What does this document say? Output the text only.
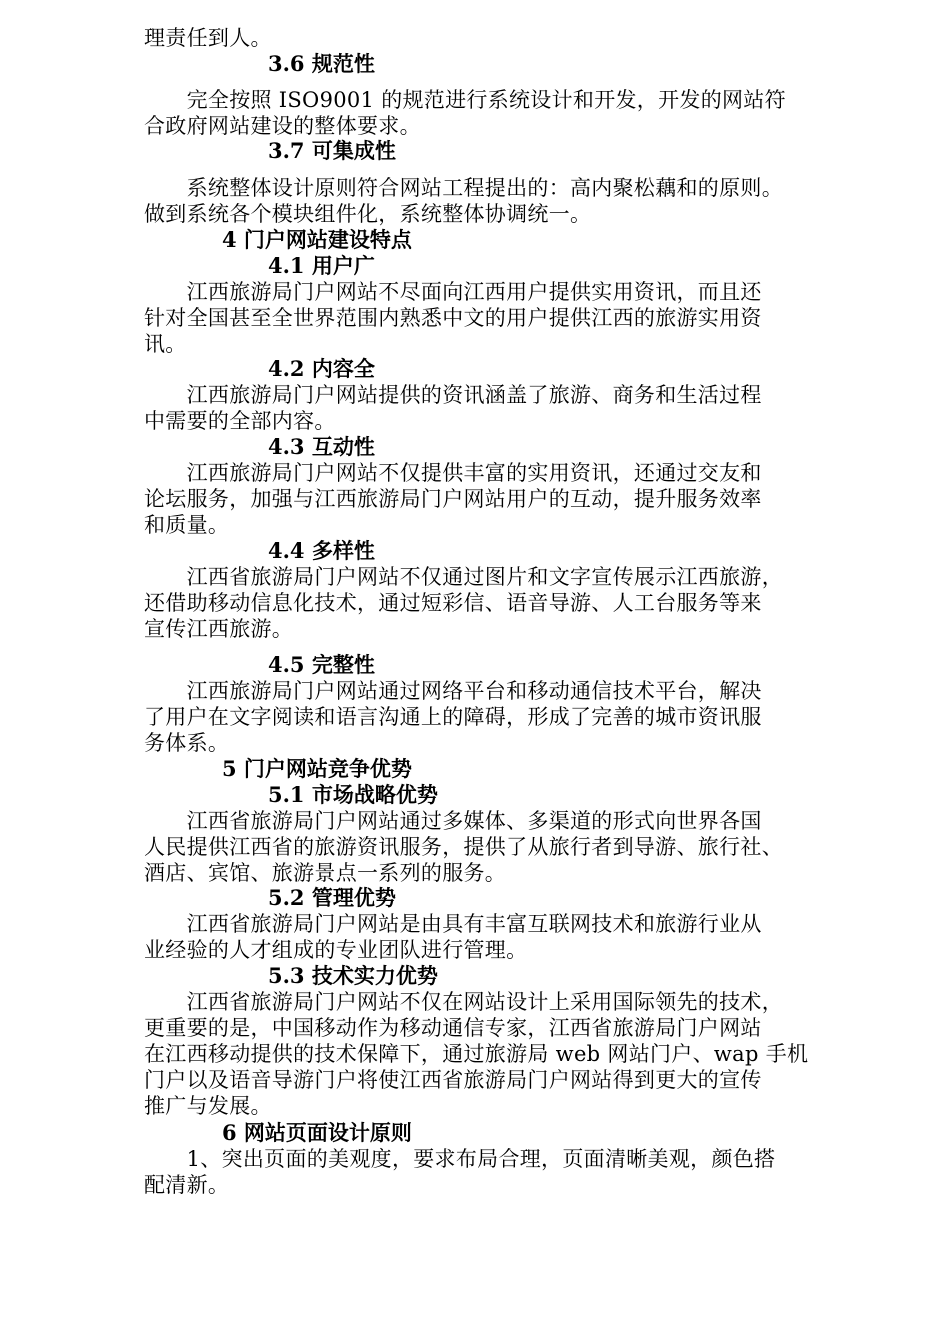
理责任到人。
3.6 规范性
　　完全按照 ISO9001 的规范进行系统设计和开发，开发的网站符
合政府网站建设的整体要求。
3.7 可集成性
　　系统整体设计原则符合网站工程提出的：高内聚松藕和的原则。
做到系统各个模块组件化，系统整体协调统一。
4 门户网站建设特点
4.1 用户广
　　江西旅游局门户网站不尽面向江西用户提供实用资讯，而且还
针对全国甚至全世界范围内熟悉中文的用户提供江西的旅游实用资
讯。
4.2 内容全
　　江西旅游局门户网站提供的资讯涵盖了旅游、商务和生活过程
中需要的全部内容。
4.3 互动性
　　江西旅游局门户网站不仅提供丰富的实用资讯，还通过交友和
论坛服务，加强与江西旅游局门户网站用户的互动，提升服务效率
和质量。
4.4 多样性
　　江西省旅游局门户网站不仅通过图片和文字宣传展示江西旅游，
还借助移动信息化技术，通过短彩信、语音导游、人工台服务等来
宣传江西旅游。
4.5 完整性
　　江西旅游局门户网站通过网络平台和移动通信技术平台，解决
了用户在文字阅读和语言沟通上的障碍，形成了完善的城市资讯服
务体系。
5 门户网站竞争优势
5.1 市场战略优势
　　江西省旅游局门户网站通过多媒体、多渠道的形式向世界各国
人民提供江西省的旅游资讯服务，提供了从旅行者到导游、旅行社、
酒店、宾馆、旅游景点一系列的服务。
5.2 管理优势
　　江西省旅游局门户网站是由具有丰富互联网技术和旅游行业从
业经验的人才组成的专业团队进行管理。
5.3 技术实力优势
　　江西省旅游局门户网站不仅在网站设计上采用国际领先的技术，
更重要的是，中国移动作为移动通信专家，江西省旅游局门户网站
在江西移动提供的技术保障下，通过旅游局 web 网站门户、wap 手机
门户以及语音导游门户将使江西省旅游局门户网站得到更大的宣传
推广与发展。
6 网站页面设计原则
　　1、突出页面的美观度，要求布局合理，页面清晰美观，颜色搭
配清新。
